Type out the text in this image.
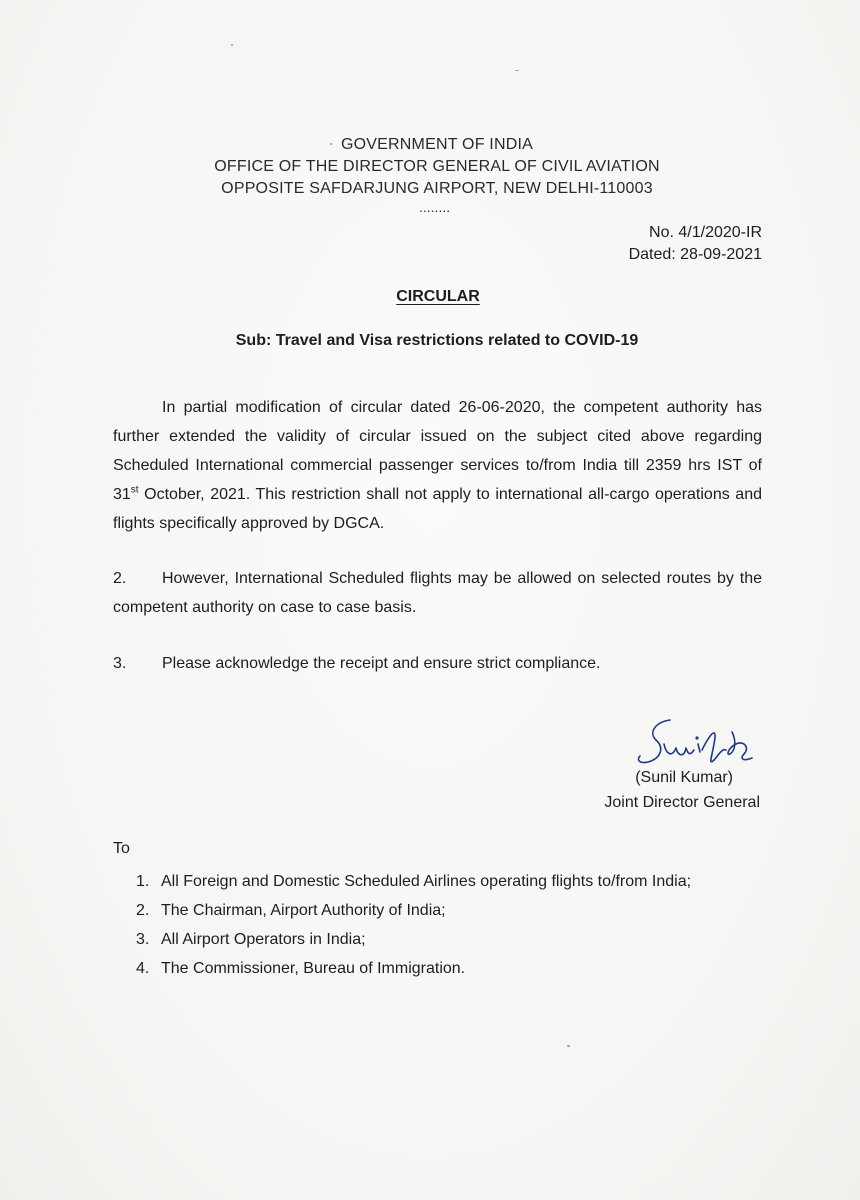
GOVERNMENT OF INDIA
OFFICE OF THE DIRECTOR GENERAL OF CIVIL AVIATION
OPPOSITE SAFDARJUNG AIRPORT, NEW DELHI-110003
........
No. 4/1/2020-IR
Dated: 28-09-2021
CIRCULAR
Sub: Travel and Visa restrictions related to COVID-19
In partial modification of circular dated 26-06-2020, the competent authority has further extended the validity of circular issued on the subject cited above regarding Scheduled International commercial passenger services to/from India till 2359 hrs IST of 31st October, 2021. This restriction shall not apply to international all-cargo operations and flights specifically approved by DGCA.
2. However, International Scheduled flights may be allowed on selected routes by the competent authority on case to case basis.
3. Please acknowledge the receipt and ensure strict compliance.
(Sunil Kumar)
Joint Director General
To
1. All Foreign and Domestic Scheduled Airlines operating flights to/from India;
2. The Chairman, Airport Authority of India;
3. All Airport Operators in India;
4. The Commissioner, Bureau of Immigration.
